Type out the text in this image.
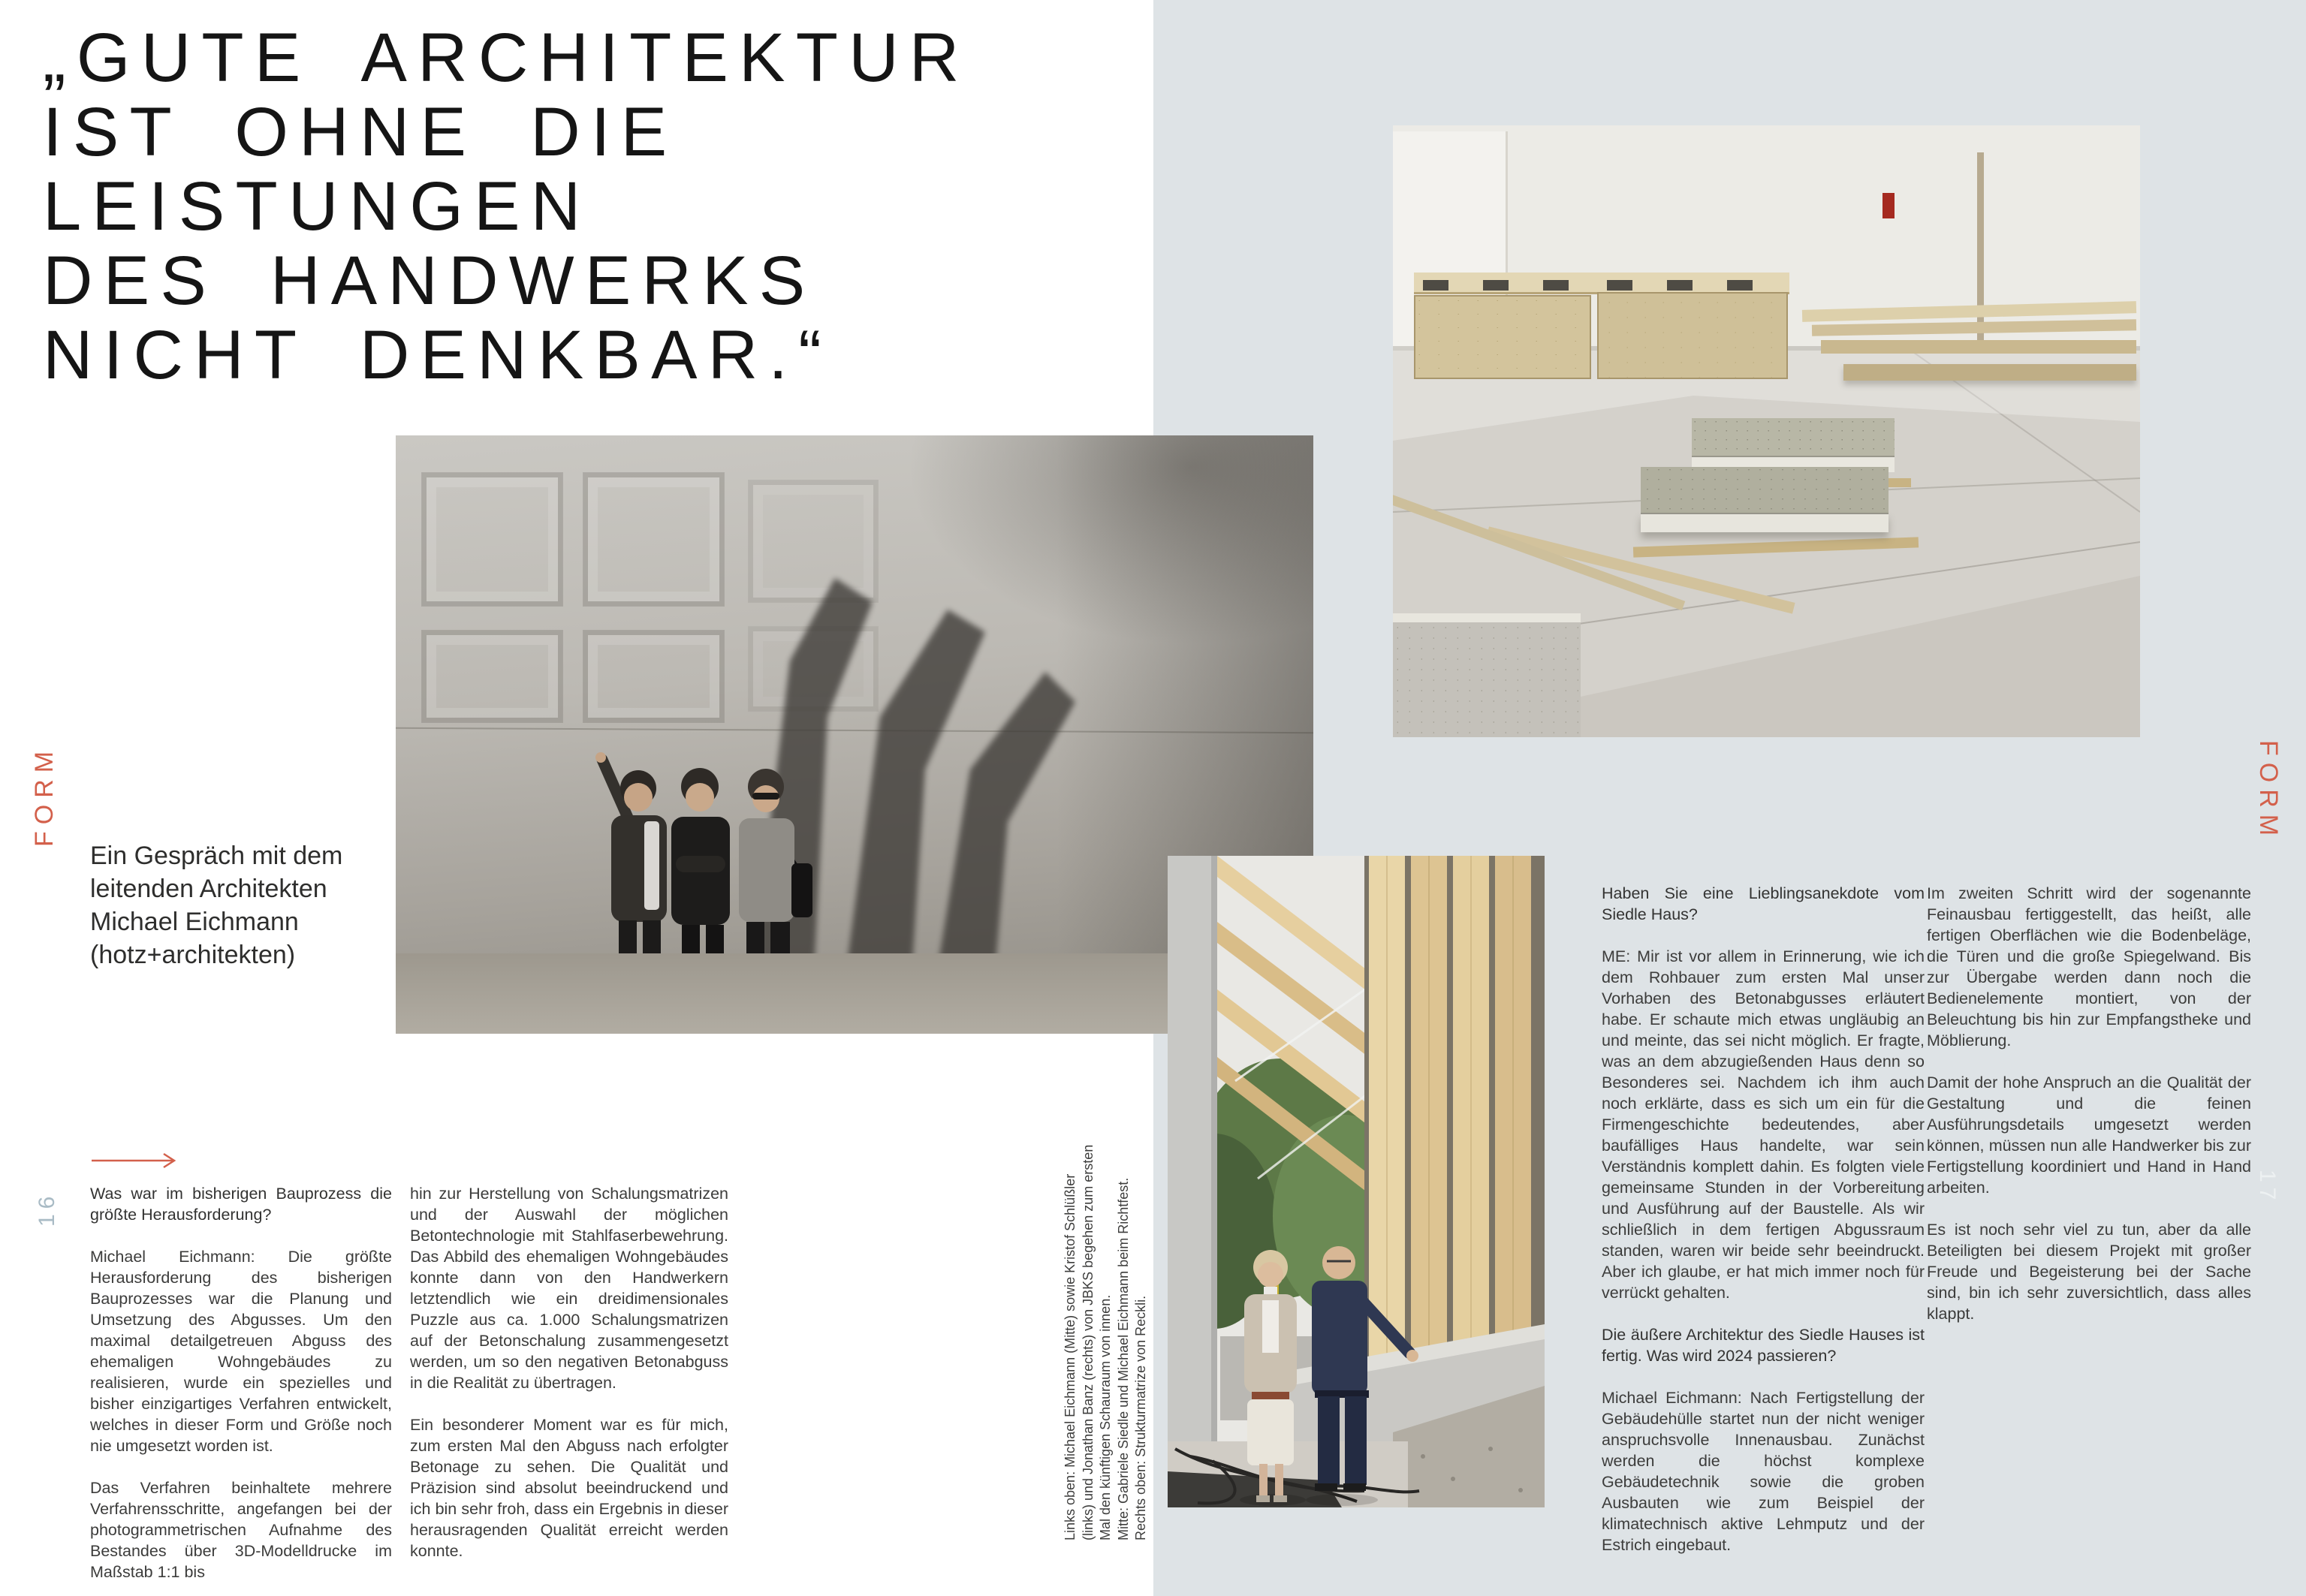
„GUTE ARCHITEKTUR
IST OHNE DIE
LEISTUNGEN
DES HANDWERKS
NICHT DENKBAR.“
Links oben: Michael Eichmann (Mitte) sowie Kristof Schlüßler (links) und Jonathan Banz (rechts) von JBKS begehen zum ersten Mal den künftigen Schauraum von innen. Mitte: Gabriele Siedle und Michael Eichmann beim Richtfest. Rechts oben: Strukturmatrize von Reckli.
FORM
16
FORM
17
Ein Gespräch mit dem
leitenden Architekten
Michael Eichmann
(hotz+architekten)

Was war im bisherigen Bauprozess die größte Herausforderung?

Michael Eichmann: Die größte Herausforderung des bisherigen Bauprozesses war die Planung und Umsetzung des Abgusses. Um den maximal detailgetreuen Abguss des ehemaligen Wohngebäudes zu realisieren, wurde ein spezielles und bisher einzigartiges Verfahren entwickelt, welches in dieser Form und Größe noch nie umgesetzt worden ist.

Das Verfahren beinhaltete mehrere Verfahrensschritte, angefangen bei der photogrammetrischen Aufnahme des Bestandes über 3D-Modelldrucke im Maßstab 1:1 bis

hin zur Herstellung von Schalungsmatrizen und der Auswahl der möglichen Betontechnologie mit Stahlfaserbewehrung. Das Abbild des ehemaligen Wohngebäudes konnte dann von den Handwerkern letztendlich wie ein dreidimensionales Puzzle aus ca. 1.000 Schalungsmatrizen auf der Betonschalung zusammengesetzt werden, um so den negativen Betonabguss in die Realität zu übertragen.

Ein besonderer Moment war es für mich, zum ersten Mal den Abguss nach erfolgter Betonage zu sehen. Die Qualität und Präzision sind absolut beeindruckend und ich bin sehr froh, dass ein Ergebnis in dieser herausragenden Qualität erreicht werden konnte.

Haben Sie eine Lieblingsanekdote vom Siedle Haus?

ME: Mir ist vor allem in Erinnerung, wie ich dem Rohbauer zum ersten Mal unser Vorhaben des Betonabgusses erläutert habe. Er schaute mich etwas ungläubig an und meinte, das sei nicht möglich. Er fragte, was an dem abzugießenden Haus denn so Besonderes sei. Nachdem ich ihm auch noch erklärte, dass es sich um ein für die Firmengeschichte bedeutendes, aber baufälliges Haus handelte, war sein Verständnis komplett dahin. Es folgten viele gemeinsame Stunden in der Vorbereitung und Ausführung auf der Baustelle. Als wir schließlich in dem fertigen Abgussraum standen, waren wir beide sehr beeindruckt. Aber ich glaube, er hat mich immer noch für verrückt gehalten.

Die äußere Architektur des Siedle Hauses ist fertig. Was wird 2024 passieren?

Michael Eichmann: Nach Fertigstellung der Gebäudehülle startet nun der nicht weniger anspruchsvolle Innenausbau. Zunächst werden die höchst komplexe Gebäudetechnik sowie die groben Ausbauten wie zum Beispiel der klimatechnisch aktive Lehmputz und der Estrich eingebaut.

Im zweiten Schritt wird der sogenannte Feinausbau fertiggestellt, das heißt, alle fertigen Oberflächen wie die Bodenbeläge, die Türen und die große Spiegelwand. Bis zur Übergabe werden dann noch die Bedienelemente montiert, von der Beleuchtung bis hin zur Empfangstheke und Möblierung.

Damit der hohe Anspruch an die Qualität der Gestaltung und die feinen Ausführungsdetails umgesetzt werden können, müssen nun alle Handwerker bis zur Fertigstellung koordiniert und Hand in Hand arbeiten.

Es ist noch sehr viel zu tun, aber da alle Beteiligten bei diesem Projekt mit großer Freude und Begeisterung bei der Sache sind, bin ich sehr zuversichtlich, dass alles klappt.
